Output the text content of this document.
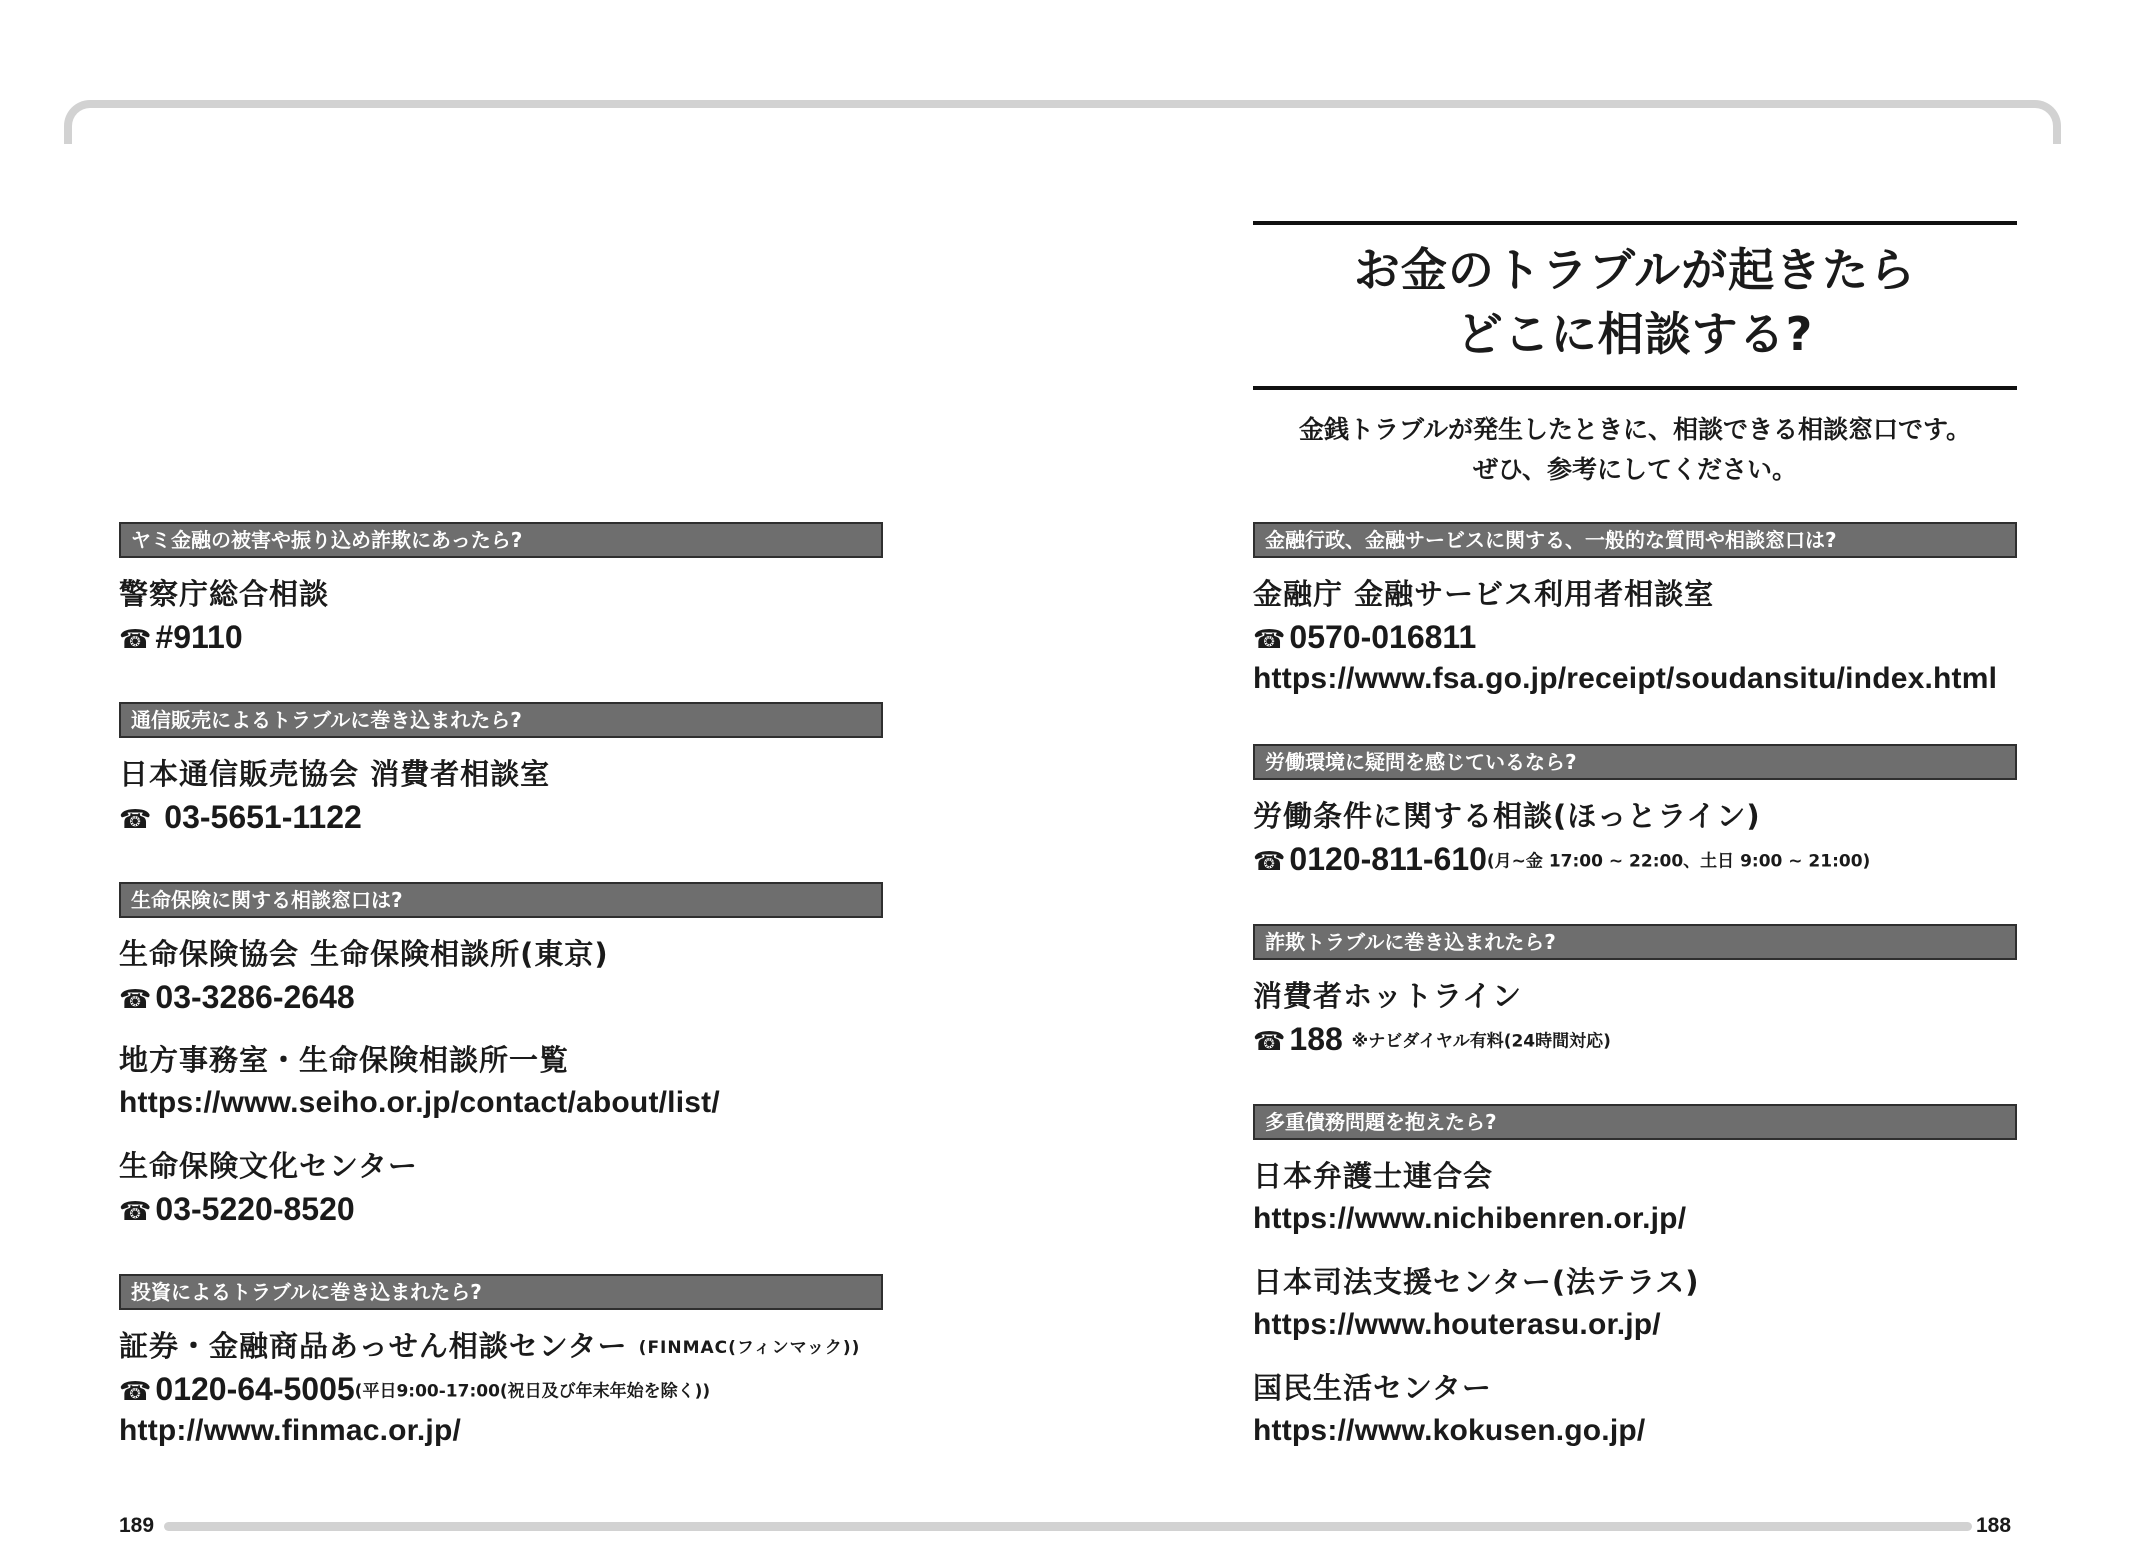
ヤミ金融の被害や振り込め詐欺にあったら?
警察庁総合相談
☎ #9110
通信販売によるトラブルに巻き込まれたら?
日本通信販売協会 消費者相談室
☎ 03-5651-1122
生命保険に関する相談窓口は?
生命保険協会 生命保険相談所(東京)
☎ 03-3286-2648
地方事務室・生命保険相談所一覧
https://www.seiho.or.jp/contact/about/list/
生命保険文化センター
☎ 03-5220-8520
投資によるトラブルに巻き込まれたら?
証券・金融商品あっせん相談センター (FINMAC(フィンマック))
☎ 0120-64-5005(平日9:00-17:00(祝日及び年末年始を除く))
http://www.finmac.or.jp/
お金のトラブルが起きたら
どこに相談する?
金銭トラブルが発生したときに、相談できる相談窓口です。
ぜひ、参考にしてください。
金融行政、金融サービスに関する、一般的な質問や相談窓口は?
金融庁 金融サービス利用者相談室
☎ 0570-016811
https://www.fsa.go.jp/receipt/soudansitu/index.html
労働環境に疑問を感じているなら?
労働条件に関する相談(ほっとライン)
☎ 0120-811-610(月~金 17:00 ~ 22:00、土日 9:00 ~ 21:00)
詐欺トラブルに巻き込まれたら?
消費者ホットライン
☎ 188 ※ナビダイヤル有料(24時間対応)
多重債務問題を抱えたら?
日本弁護士連合会
https://www.nichibenren.or.jp/
日本司法支援センター(法テラス)
https://www.houterasu.or.jp/
国民生活センター
https://www.kokusen.go.jp/
189	188
